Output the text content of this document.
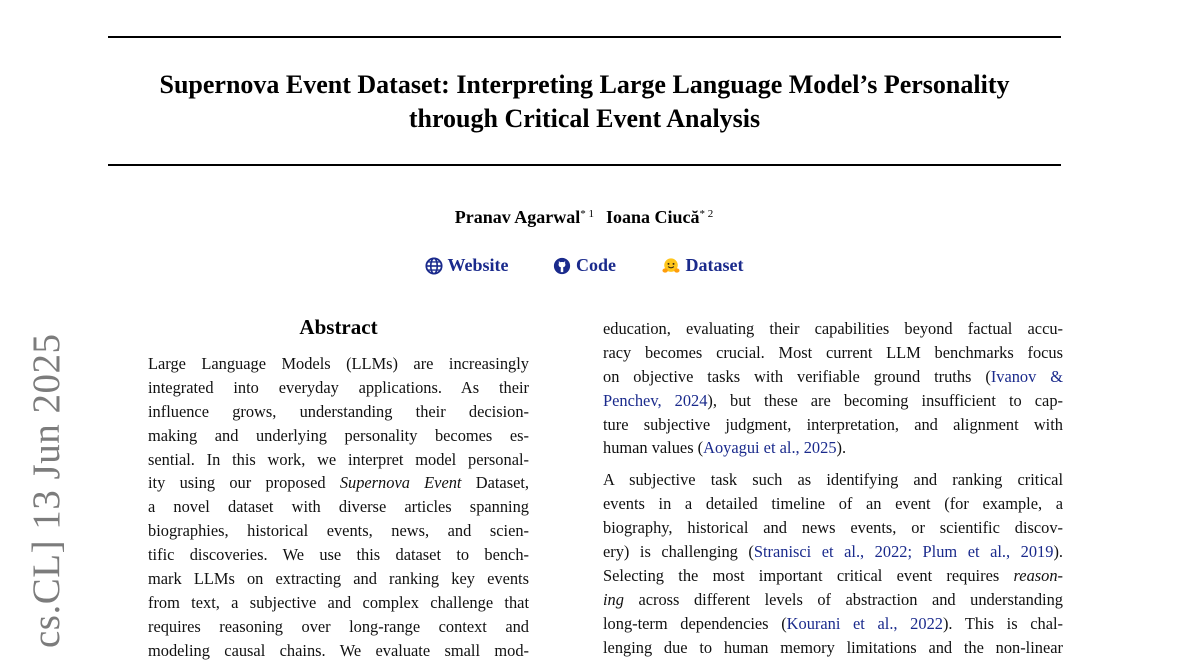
Supernova Event Dataset: Interpreting Large Language Model’s Personality
through Critical Event Analysis
Pranav Agarwal$^{* 1}$ Ioana Ciucă$^{* 2}$
Website
	Code
	Dataset
cs.CL] 13 Jun 2025
Abstract
Large Language Models (LLMs) are increasingly
integrated into everyday applications. As their
influence grows, understanding their decision-
making and underlying personality becomes es-
sential. In this work, we interpret model personal-
ity using our proposed Supernova Event Dataset,
a novel dataset with diverse articles spanning
biographies, historical events, news, and scien-
tific discoveries. We use this dataset to bench-
mark LLMs on extracting and ranking key events
from text, a subjective and complex challenge that
requires reasoning over long-range context and
modeling causal chains. We evaluate small mod-
education, evaluating their capabilities beyond factual accu-
racy becomes crucial. Most current LLM benchmarks focus
on objective tasks with verifiable ground truths (Ivanov &
Penchev, 2024), but these are becoming insufficient to cap-
ture subjective judgment, interpretation, and alignment with
human values (Aoyagui et al., 2025).
A subjective task such as identifying and ranking critical
events in a detailed timeline of an event (for example, a
biography, historical and news events, or scientific discov-
ery) is challenging (Stranisci et al., 2022; Plum et al., 2019).
Selecting the most important critical event requires reason-
ing across different levels of abstraction and understanding
long-term dependencies (Kourani et al., 2022). This is chal-
lenging due to human memory limitations and the non-linear
